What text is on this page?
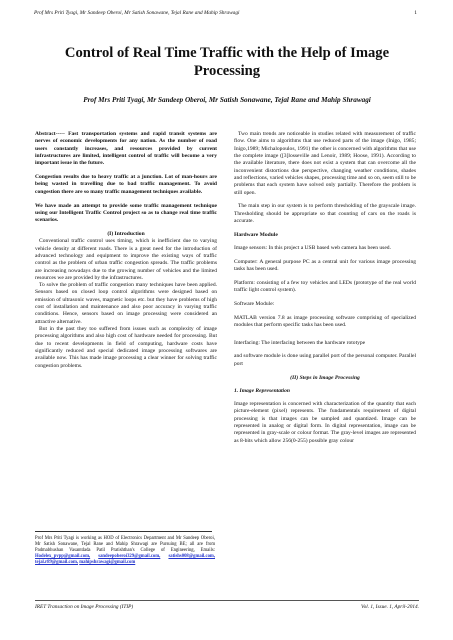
Prof Mrs Priti Tyagi, Mr Sandeep Oberoi, Mr Satish Sonawane, Tejal Rane and Mahip Shrawagi	1
Control of Real Time Traffic with the Help of Image Processing
Prof Mrs Priti Tyagi, Mr Sandeep Oberoi, Mr Satish Sonawane, Tejal Rane and Mahip Shrawagi

Abstract----- Fast transportation systems and rapid transit systems are nerves of economic developments for any nation. As the number of road users constantly increases, and resources provided by current infrastructures are limited, intelligent control of traffic will become a very important issue in the future.

Congestion results due to heavy traffic at a junction. Lot of man-hours are being wasted in travelling due to bad traffic management. To avoid congestion there are so many traffic management techniques available.

We have made an attempt to provide some traffic management technique using our Intelligent Traffic Control project so as to change real time traffic scenarios.

(I) Introduction

Conventional traffic control uses timing, which is inefficient due to varying vehicle density at different roads. There is a great need for the introduction of advanced technology and equipment to improve the existing ways of traffic control as the problem of urban traffic congestion spreads. The traffic problems are increasing nowadays due to the growing number of vehicles and the limited resources we are provided by the infrastructures.

To solve the problem of traffic congestion many techniques have been applied. Sensors based on closed loop control algorithms were designed based on emission of ultrasonic waves, magnetic loops etc. but they have problems of high cost of installation and maintenance and also poor accuracy in varying traffic conditions. Hence, sensors based on image processing were considered an attractive alternative.

But in the past they too suffered from issues such as complexity of image processing algorithms and also high cost of hardware needed for processing. But due to recent developments in field of computing, hardware costs have significantly reduced and special dedicated image processing softwares are available now. This has made image processing a clear winner for solving traffic congestion problems.

Two main trends are noticeable in studies related with measurement of traffic flow. One aims to algorithms that use reduced parts of the image (Inigo, 1985; Inigo,1989; Michalopoulos, 1991) the other is concerned with algorithms that use the complete image ([3]losseville and Lenoir, 1989; Hoose, 1991). According to the available literature, there does not exist a system that can overcome all the inconvenient distortions due perspective, changing weather conditions, shades and reflections, varied vehicles shapes, processing time and so on, seem still to be problems that each system have solved only partially. Therefore the problem is still open.

The main step in our system is to perform thresholding of the grayscale image. Thresholding should be appropriate so that counting of cars on the roads is accurate.

Hardware Module

Image sensors: In this project a USB based web camera has been used.

Computer: A general purpose PC as a central unit for various image processing tasks has been used.

Platform: consisting of a few toy vehicles and LEDs (prototype of the real world traffic light control system).

Software Module:

MATLAB version 7.8 as image processing software comprising of specialized modules that perform specific tasks has been used.

Interfacing: The interfacing between the hardware rototype

and software module is done using parallel port of the personal computer. Parallel port

(II) Steps in Image Processing

1. Image Representation

Image representation is concerned with characterization of the quantity that each picture-element (pixel) represents. The fundamentals requirement of digital processing is that images can be sampled and quantized. Image can be represented in analog or digital form. In digital representation, image can be represented in gray-scale or colour format. The gray-level images are represented as 8-bits which allow 256(0-255) possible gray colour

Prof Mrs Priti Tyagi is working as HOD of Electronics Department and Mr Sandeep Oberoi, Mr Satish Sonawane, Tejal Rane and Mahip Shrawagi are Pursuing BE; all are from Padmabhushan Vasantdada Patil Pratishthan's College of Engineering, Emails: Hodelex_pvpp@gmail.com, sandeepoberoi329@gmail.com, satishs008@gmail.com, tejal.r89@gmail.com, mahipshrawagi@gmail.com
IRET Transaction on Image Processing (ITIP)	Vol. 1, Issue. 1, April-2014.
